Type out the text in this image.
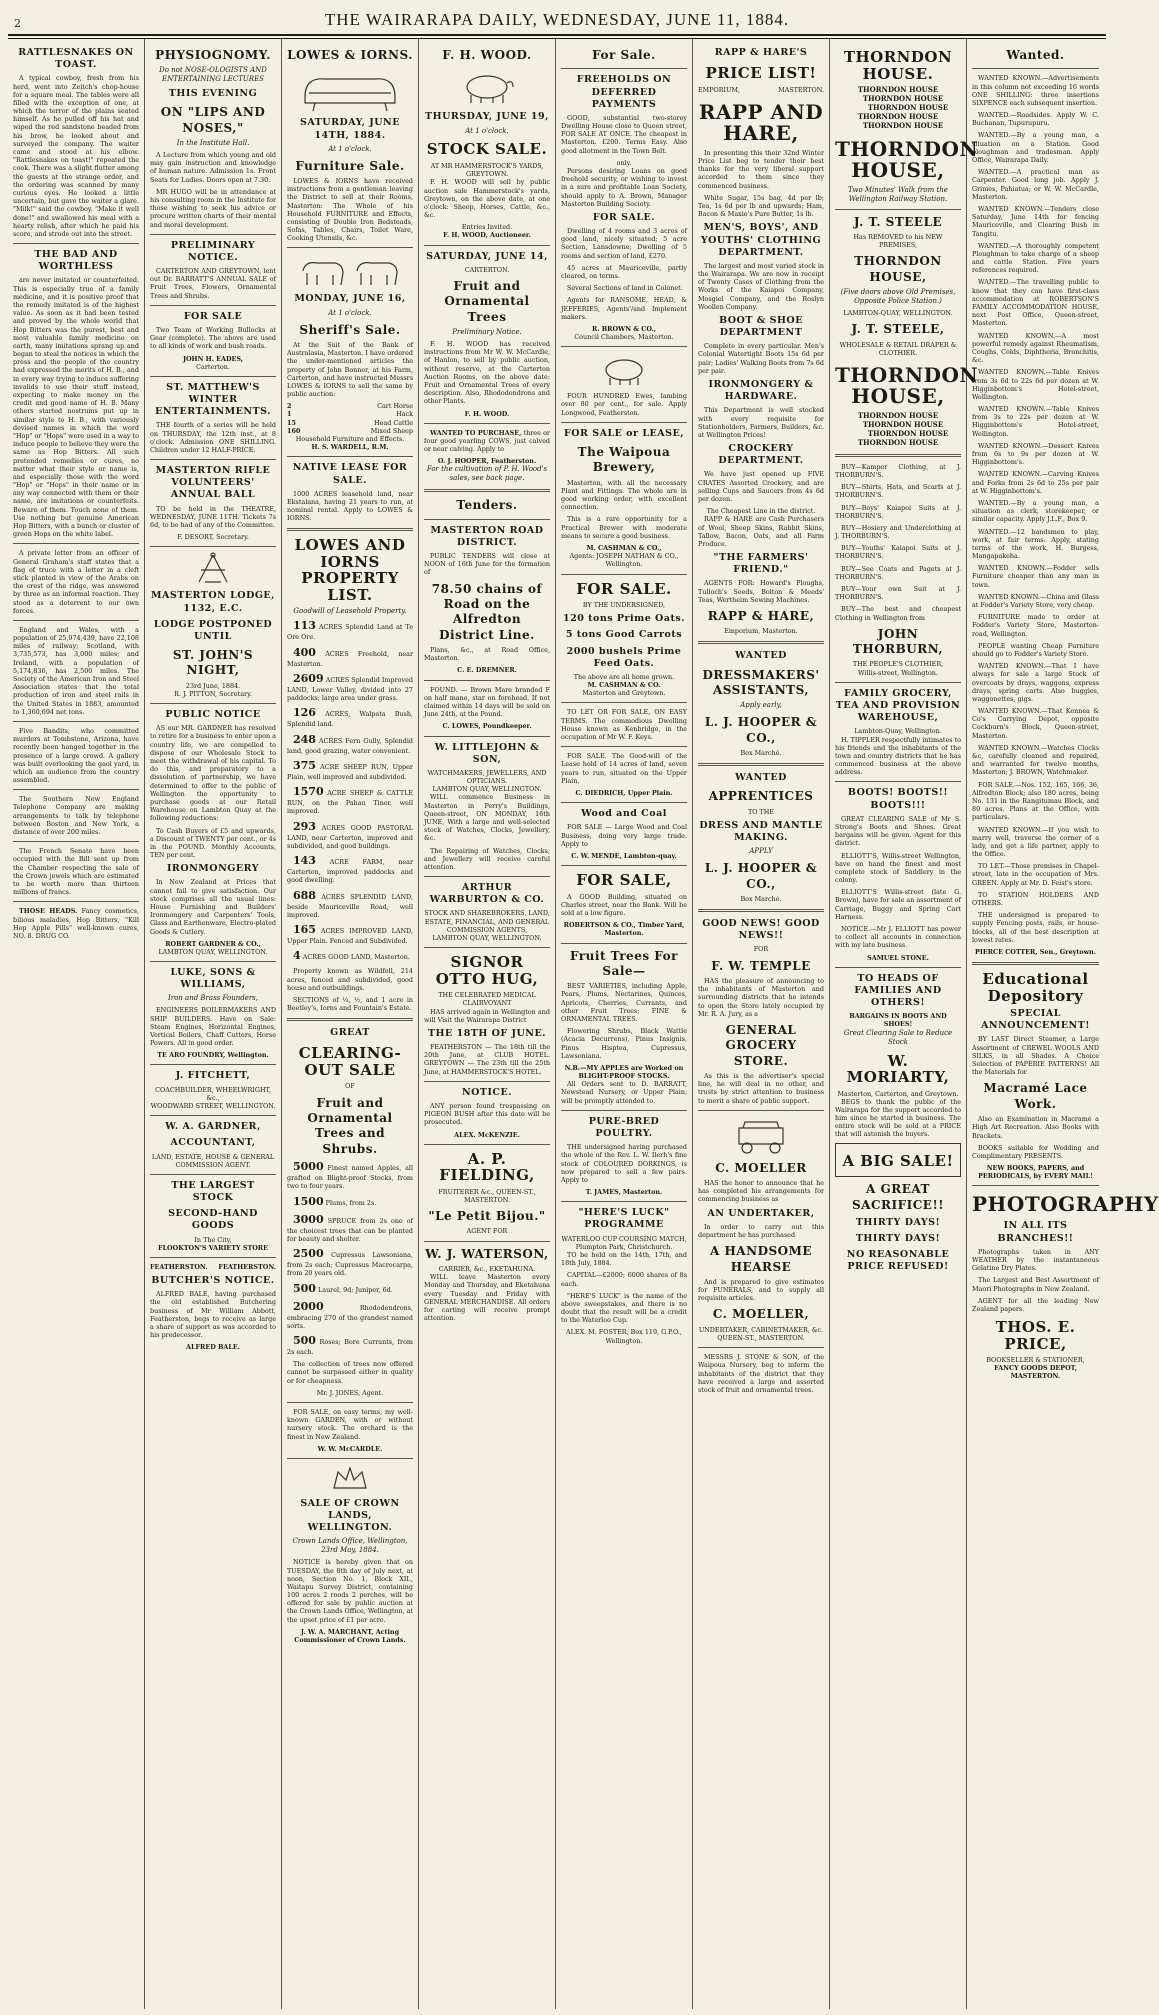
2	THE WAIRARAPA DAILY, WEDNESDAY, JUNE 11, 1884.
RATTLESNAKES ON TOAST.

A typical cowboy, fresh from his herd, went into Zeitch's chop-house for a square meal. The tables were all filled with the exception of one, at which the terror of the plains seated himself. As he pulled off his hat and wiped the red sandstone beaded from his brow, he looked about and surveyed the company. The waiter came and stood at his elbow. "Rattlesnakes on toast!" repeated the cook. There was a slight flutter among the guests at the strange order, and the ordering was scanned by many curious eyes. He looked a little uncertain, but gave the waiter a glare. "Milk!" said the cowboy. "Make it well done!" and swallowed his meal with a hearty relish, after which he paid his score, and strode out into the street.

THE BAD AND WORTHLESS

are never imitated or counterfeited. This is especially true of a family medicine, and it is positive proof that the remedy imitated is of the highest value. As soon as it had been tested and proved by the whole world that Hop Bitters was the purest, best and most valuable family medicine on earth, many imitations sprang up and began to steal the notices in which the press and the people of the country had expressed the merits of H. B., and in every way trying to induce suffering invalids to use their stuff instead, expecting to make money on the credit and good name of H. B. Many others started nostrums put up in similar style to H. B., with variously devised names in which the word "Hop" or "Hops" were used in a way to induce people to believe they were the same as Hop Bitters. All such pretended remedies or cures, no matter what their style or name is, and especially those with the word "Hop" or "Hops" in their name or in any way connected with them or their name, are imitations or counterfeits. Beware of them. Touch none of them. Use nothing but genuine American Hop Bitters, with a bunch or cluster of green Hops on the white label.

A private letter from an officer of General Graham's staff states that a flag of truce with a letter in a cleft stick planted in view of the Arabs on the crest of the ridge, was answered by three as an informal reaction. They stood as a deterrent to our own forces.

England and Wales, with a population of 25,974,439, have 22,108 miles of railway; Scotland, with 3,735,573, has 3,000 miles; and Ireland, with a population of 5,174,836, has 2,500 miles. The Society of the American Iron and Steel Association states that the total production of iron and steel rails in the United States in 1883, amounted to 1,360,694 net tons.

Five Bandits, who committed murders at Tombstone, Arizona, have recently been hanged together in the presence of a large crowd. A gallery was built overlooking the gaol yard, in which an audience from the country assembled.

The Southern New England Telephone Company are making arrangements to talk by telephone between Boston and New York, a distance of over 200 miles.

The French Senate have been occupied with the Bill sent up from the Chamber respecting the sale of the Crown jewels which are estimated to be worth more than thirteen millions of francs.

THOSE HEADS. Fancy cosmetics, bilious maladies, Hop Bitters, "Kill Hop Apple Pills" well-known cures, NO. 8. DRUG CO.

PHYSIOGNOMY.
Do not NOSE-OLOGISTS AND ENTERTAINING LECTURES
THIS EVENING
ON "LIPS AND NOSES,"
In the Institute Hall.

A Lecture from which young and old may gain instruction and knowledge of human nature. Admission 1s. Front Seats for Ladies. Doors open at 7.30.

MR HUGO will be in attendance at his consulting room in the Institute for those wishing to seek his advice or procure written charts of their mental and moral development.

PRELIMINARY NOTICE.

CARTERTON AND GREYTOWN, lent out Dr. BARRATT'S ANNUAL SALE of Fruit Trees, Flowers, Ornamental Trees and Shrubs.

FOR SALE

Two Team of Working Bullocks at Gear (complete). The above are used to all kinds of work and bush roads.

JOHN H. EADES,
Carterton.
ST. MATTHEW'S WINTER ENTERTAINMENTS.

THE fourth of a series will be held on THURSDAY, the 12th inst., at 8 o'clock. Admission ONE SHILLING. Children under 12 HALF-PRICE.

MASTERTON RIFLE VOLUNTEERS' ANNUAL BALL

TO be held in the THEATRE, WEDNESDAY, JUNE 11TH. Tickets 7s 6d, to be had of any of the Committee.

F. DESORT, Secretary.
MASTERTON LODGE, 1132, E.C.
LODGE POSTPONED UNTIL
ST. JOHN'S NIGHT,
23rd June, 1884.
R. J. PITTON, Secretary.
PUBLIC NOTICE

AS our MR. GARDNER has resolved to retire for a business to enter upon a country life, we are compelled to dispose of our Wholesale Stock to meet the withdrawal of his capital. To do this, and preparatory to a dissolution of partnership, we have determined to offer to the public of Wellington the opportunity to purchase goods at our Retail Warehouse on Lambton Quay at the following reductions:

To Cash Buyers of £5 and upwards, a Discount of TWENTY per cent., or 4s in the POUND. Monthly Accounts, TEN per cent.

IRONMONGERY

In New Zealand at Prices that cannot fail to give satisfaction. Our stock comprises all the usual lines: House Furnishing and Builders' Ironmongery and Carpenters' Tools, Glass and Earthenware, Electro-plated Goods & Cutlery.

ROBERT GARDNER & CO.,
LAMBTON QUAY, WELLINGTON.
LUKE, SONS & WILLIAMS,
Iron and Brass Founders,

ENGINEERS BOILERMAKERS AND SHIP BUILDERS. Have on Sale: Steam Engines, Horizontal Engines, Vertical Boilers, Chaff Cutters, Horse Powers. All in good order.

TE ARO FOUNDRY, Wellington.
J. FITCHETT,
COACHBUILDER, WHEELWRIGHT, &c.,
WOODWARD STREET, WELLINGTON.
W. A. GARDNER,
ACCOUNTANT,
LAND, ESTATE, HOUSE & GENERAL COMMISSION AGENT.
THE LARGEST STOCK
SECOND-HAND GOODS
In The City,
FLOOKTON'S VARIETY STORE
FEATHERSTON. FEATHERSTON.
BUTCHER'S NOTICE.

ALFRED BALE, having purchased the old established Butchering business of Mr William Abbott, Featherston, begs to receive as large a share of support as was accorded to his predecessor.

ALFRED BALE.
LOWES & IORNS.
SATURDAY, JUNE 14TH, 1884.
At 1 o'clock.
Furniture Sale.

LOWES & IORNS have received instructions from a gentleman leaving the District to sell at their Rooms, Masterton: The Whole of his Household FURNITURE and Effects, consisting of Double Iron Bedsteads, Sofas, Tables, Chairs, Toilet Ware, Cooking Utensils, &c.

MONDAY, JUNE 16,
At 1 o'clock.
Sheriff's Sale.

At the Suit of the Bank of Australasia, Masterton. I have ordered the under-mentioned articles the property of John Bonner, at his Farm, Carterton, and have instructed Messrs LOWES & IORNS to sell the same by public auction:

2	Cart Horse
1	Hack
15	Head Cattle
160	Mixed Sheep
Household Furniture and Effects.
H. S. WARDELL, R.M.
NATIVE LEASE FOR SALE.

1000 ACRES leasehold land, near Ekstalana, having 21 years to run, at nominal rental. Apply to LOWES & IORNS.

LOWES AND IORNS PROPERTY LIST.
Goodwill of Leasehold Property.

113 ACRES Splendid Land at Te Ore Ore.

400 ACRES Freehold, near Masterton.

2609 ACRES Splendid Improved LAND, Lower Valley, divided into 27 paddocks; large area under grass.

126 ACRES, Walpata Bush, Splendid land.

248 ACRES Fern Gully, Splendid land, good grazing, water convenient.

375 ACRE SHEEP RUN, Upper Plain, well improved and subdivided.

1570 ACRE SHEEP & CATTLE RUN, on the Pahau Tiner, well improved.

293 ACRES GOOD PASTORAL LAND, near Carterton, improved and subdivided, and good buildings.

143 ACRE FARM, near Carterton, improved paddocks and good dwelling.

688 ACRES SPLENDID LAND, beside Mauriceville Road, well improved.

165 ACRES IMPROVED LAND, Upper Plain. Fenced and Subdivided.

4 ACRES GOOD LAND, Masterton.

Property known as Wildfell, 214 acres, fenced and subdivided, good house and outbuildings.

SECTIONS of ¼, ½, and 1 acre in Beetley's, Iorns and Fountain's Estate.

GREAT
CLEARING-OUT SALE
OF
Fruit and Ornamental Trees and Shrubs.

5000 Finest named Apples, all grafted on Blight-proof Stocks, from two to four years.

1500 Plums, from 2s.

3000 SPRUCE from 2s one of the choicest trees that can be planted for beauty and shelter.

2500 Cupressus Lawsoniana, from 2s each; Cupressus Macrocarpa, from 20 years old.

500 Laurel, 9d; Juniper, 6d.

2000	Rhododendrons, embracing 270 of the grandest named sorts.

500 Roses; Bore Currants, from 2s each.

The collection of trees now offered cannot be surpassed either in quality or for cheapness.

Mr. J. JONES, Agent.

FOR SALE, on easy terms, my well-known GARDEN, with or without nursery stock. The orchard is the finest in New Zealand.

W. W. McCARDLE.
SALE OF CROWN LANDS, WELLINGTON.
Crown Lands Office, Wellington, 23rd May, 1884.

NOTICE is hereby given that on TUESDAY, the 8th day of July next, at noon, Section No. 1, Block XII., Waitapu Survey District, containing 100 acres 2 roods 2 perches, will be offered for sale by public auction at the Crown Lands Office, Wellington, at the upset price of £1 per acre.

J. W. A. MARCHANT, Acting Commissioner of Crown Lands.
F. H. WOOD.
THURSDAY, JUNE 19,
At 1 o'clock.
STOCK SALE.
AT MR HAMMERSTOCK'S YARDS, GREYTOWN.

F. H. WOOD will sell by public auction sale Hammerstock's yards, Greytown, on the above date, at one o'clock: Sheep, Horses, Cattle, &c., &c.

Entries Invited.
F. H. WOOD, Auctioneer.
SATURDAY, JUNE 14,
CARTERTON.
Fruit and Ornamental Trees
Preliminary Notice.

F. H. WOOD has received instructions from Mr W. W. McCardle, of Hanlon, to sell by public auction, without reserve, at the Carterton Auction Rooms, on the above date: Fruit and Ornamental Trees of every description. Also, Rhododendrons and other Plants.

F. H. WOOD.

WANTED TO PURCHASE, three or four good yearling COWS, just calved or near calving. Apply to

O. J. HOOPER, Featherston.
For the cultivation of P. H. Wood's sales, see back page.
Tenders.
MASTERTON ROAD DISTRICT.

PUBLIC TENDERS will close at NOON of 16th June for the formation of

78.50 chains of Road on the Alfredton District Line.

Plans, &c., at Road Office, Masterton.

C. E. DREMNER.

FOUND. — Brown Mare branded F on half mane, star on forehead. If not claimed within 14 days will be sold on June 24th, at the Pound.

C. LOWES, Poundkeeper.
W. LITTLEJOHN & SON,
WATCHMAKERS, JEWELLERS, AND OPTICIANS.
LAMBTON QUAY, WELLINGTON.

WILL commence Business in Masterton in Perry's Buildings, Queen-street, ON MONDAY, 16th JUNE, With a large and well-selected stock of Watches, Clocks, Jewellery, &c.

The Repairing of Watches, Clocks, and Jewellery will receive careful attention.

ARTHUR WARBURTON & CO.
STOCK AND SHAREBROKERS, LAND, ESTATE, FINANCIAL, AND GENERAL COMMISSION AGENTS,
LAMBTON QUAY, WELLINGTON.
SIGNOR OTTO HUG,
THE CELEBRATED MEDICAL CLAIRVOYANT

HAS arrived again in Wellington and will Visit the Wairarapa District

THE 18TH OF JUNE.

FEATHERSTON — The 18th till the 20th June, at CLUB HOTEL. GREYTOWN — The 23th till the 25th June, at HAMMERSTOCK'S HOTEL.

NOTICE.

ANY person found trespassing on PIGEON BUSH after this date will be prosecuted.

ALEX. McKENZIE.
A. P. FIELDING,
FRUITERER &c., QUEEN-ST., MASTERTON.
"Le Petit Bijou."
AGENT FOR
W. J. WATERSON,
CARRIER, &c., EKETAHUNA.

WILL leave Masterton every Monday and Thursday, and Eketahuna every Tuesday and Friday with GENERAL MERCHANDISE. All orders for carting will receive prompt attention.

For Sale.
FREEHOLDS ON DEFERRED PAYMENTS

GOOD, substantial two-storey Dwelling House close to Queen street, FOR SALE AT ONCE. The cheapest in Masterton. £200. Terms Easy. Also good allotment in the Town Belt.

only.

Persons desiring Loans on good freehold security, or wishing to invest in a sure and profitable Loan Society, should apply to A. Brown, Manager Masterton Building Society.

FOR SALE.

Dwelling of 4 rooms and 3 acres of good land, nicely situated; 5 acre Section, Lansdowne; Dwelling of 5 rooms and section of land, £270.

45 acres at Mauriceville, partly cleared, on terms.

Several Sections of land in Colonet.

Agents for RANSOME, HEAD, & JEFFERIES, Agents'/and Implement makers.

R. BROWN & CO.,
Council Chambers, Masterton.

FOUR HUNDRED Ewes, lambing over 80 per cent., for sale. Apply Longwood, Featherston.

FOR SALE or LEASE,
The Waipoua Brewery,

Masterton, with all the necessary Plant and Fittings. The whole are in good working order, with excellent connection.

This is a rare opportunity for a Practical Brewer with moderate means to secure a good business.

M. CASHMAN & CO.,
Agents: JOSEPH NATHAN & CO., Wellington.
FOR SALE.
BY THE UNDERSIGNED,
120 tons Prime Oats.
5 tons Good Carrots
2000 bushels Prime Feed Oats.
The above are all home grown.
M. CASHMAN & CO.
Masterton and Greytown.

TO LET OR FOR SALE, ON EASY TERMS. The commodious Dwelling House known as Kenbridge, in the occupation of Mr W. F. Keys.

FOR SALE. The Good-will of the Lease hold of 14 acres of land, seven years to run, situated on the Upper Plain.

C. DIEDRICH, Upper Plain.
Wood and Coal

FOR SALE — Large Wood and Coal Business, doing very large trade. Apply to

C. W. MENDE, Lambton-quay.
FOR SALE,

A GOOD Building, situated on Charles street, near the Bank. Will be sold at a low figure.

ROBERTSON & CO., Timber Yard, Masterton.
Fruit Trees For Sale—

BEST VARIETIES, including Apple, Pears, Plums, Nectarines, Quinces, Apricots, Cherries, Currants, and other Fruit Trees; FINE & ORNAMENTAL TREES.

Flowering Shrubs, Black Wattle (Acacia Decurrens), Pinus Insignis, Pinus Hisptea, Cupressus, Lawsoniana.

N.B.—MY APPLES are Worked on BLIGHT-PROOF STOCKS.

All Orders sent to D. BARRATT, Newstead Nursery, or Upper Plain, will be promptly attended to.

PURE-BRED POULTRY.

THE undersigned having purchased the whole of the Rev. L. W. Ilerh's fine stock of COLOURED DORKINGS, is now prepared to sell a few pairs. Apply to

T. JAMES, Masterton.
"HERE'S LUCK" PROGRAMME
WATERLOO CUP COURSING MATCH, Plumpton Park, Christchurch.

TO be held on the 14th, 17th, and 18th July, 1884.

CAPITAL—£2000; 6000 shares of 8s each.

"HERE'S LUCK" is the name of the above sweepstakes, and there is no doubt that the result will be a credit to the Waterloo Cup.

ALEX. M. FOSTER, Box 119, G.P.O., Wellington.
RAPP & HARE'S
PRICE LIST!
EMPORIUM,	MASTERTON.
RAPP AND HARE,

In presenting this their 32nd Winter Price List beg to tender their best thanks for the very liberal support accorded to them since they commenced business.

White Sugar, 15s bag, 4d per lb; Tea, 1s 6d per lb and upwards; Ham, Bacon & Maxie's Pure Butter, 1s lb.

MEN'S, BOYS', AND YOUTHS' CLOTHING DEPARTMENT.

The largest and most varied stock in the Wairarapa. We are now in receipt of Twenty Cases of Clothing from the Works of the Kaiapoi Company, Mosgiel Company, and the Roslyn Woollen Company.

BOOT & SHOE DEPARTMENT

Complete in every particular. Men's Colonial Watertight Boots 15s 6d per pair; Ladies' Walking Boots from 7s 6d per pair.

IRONMONGERY & HARDWARE.

This Department is well stocked with every requisite for Stationholders, Farmers, Builders, &c. at Wellington Prices!

CROCKERY DEPARTMENT.

We have just opened up FIVE CRATES Assorted Crockery, and are selling Cups and Saucers from 4s 6d per dozen.

The Cheapest Line in the district.

RAPP & HARE are Cash Purchasers of Wool, Sheep Skins, Rabbit Skins, Tallow, Bacon, Oats, and all Farm Produce.

"THE FARMERS' FRIEND."

AGENTS FOR: Howard's Ploughs, Tulloch's Seeds, Bolton & Meeds' Teas, Wertheim Sewing Machines.

RAPP & HARE,
Emporium, Masterton.
WANTED
DRESSMAKERS' ASSISTANTS,
Apply early,
L. J. HOOPER & CO.,
Box Marché.
WANTED
APPRENTICES
TO THE
DRESS AND MANTLE MAKING.
APPLY
L. J. HOOPER & CO.,
Box Marché.
GOOD NEWS! GOOD NEWS!!
FOR
F. W. TEMPLE

HAS the pleasure of announcing to the inhabitants of Masterton and surrounding districts that he intends to open the Store lately occupied by Mr. R. A. Jury, as a

GENERAL GROCERY STORE.

As this is the advertiser's special line, he will deal in no other, and trusts by strict attention to business to merit a share of public support.

C. MOELLER

HAS the honor to announce that he has completed his arrangements for commencing business as

AN UNDERTAKER,

In order to carry out this department he has purchased

A HANDSOME HEARSE

And is prepared to give estimates for FUNERALS, and to supply all requisite articles.

C. MOELLER,
UNDERTAKER, CABINETMAKER, &c.
QUEEN-ST., MASTERTON.

MESSRS J. STONE & SON, of the Waipoua Nursery, beg to inform the inhabitants of the district that they have received a large and assorted stock of fruit and ornamental trees.

THORNDON HOUSE.
THORNDON HOUSE
THORNDON HOUSE
THORNDON HOUSE
THORNDON HOUSE
THORNDON HOUSE
THORNDON HOUSE,
Two Minutes' Walk from the Wellington Railway Station.
J. T. STEELE
Has REMOVED to his NEW PREMISES,
THORNDON HOUSE,
(Five doors above Old Premises, Opposite Police Station.)
LAMBTON-QUAY, WELLINGTON.
J. T. STEELE,
WHOLESALE & RETAIL DRAPER & CLOTHIER.
THORNDON HOUSE,
THORNDON HOUSE
THORNDON HOUSE
THORNDON HOUSE
THORNDON HOUSE

BUY—Kamper Clothing, at J. THORBURN'S.

BUY—Shirts, Hats, and Scarfs at J. THORBURN'S.

BUY—Boys' Kaiapoi Suits at J. THORBURN'S.

BUY—Hosiery and Underclothing at J. THORBURN'S.

BUY—Youths' Kaiapoi Suits at J. THORBURN'S.

BUY—See Coats and Pagets at J. THORBURN'S.

BUY—Your own Suit at J. THORBURN'S.

BUY—The best and cheapest Clothing in Wellington from

JOHN THORBURN,
THE PEOPLE'S CLOTHIER,
Willis-street, Wellington.
FAMILY GROCERY, TEA AND PROVISION WAREHOUSE,
Lambton-Quay, Wellington.

H. TIPPLER respectfully intimates to his friends and the inhabitants of the town and country districts that he has commenced business at the above address.

BOOTS! BOOTS!! BOOTS!!!

GREAT CLEARING SALE of Mr S. Strong's Boots and Shoes. Great bargains will be given. Agent for this district.

ELLIOTT'S, Willis-street Wellington, have on hand the finest and most complete stock of Saddlery in the colony.

ELLIOTT'S Willis-street (late G. Brown), have for sale an assortment of Carriage, Buggy and Spring Cart Harness.

NOTICE.—Mr J. ELLIOTT has power to collect all accounts in connection with my late business.

SAMUEL STONE.
TO HEADS OF FAMILIES AND OTHERS!
BARGAINS IN BOOTS AND SHOES!
Great Clearing Sale to Reduce Stock
W. MORIARTY,
Masterton, Carterton, and Greytown.

BEGS to thank the public of the Wairarapa for the support accorded to him since he started in business. The entire stock will be sold at a PRICE that will astonish the buyers.

A BIG SALE!
A GREAT SACRIFICE!!
THIRTY DAYS!
THIRTY DAYS!
NO REASONABLE PRICE REFUSED!
Wanted.

WANTED KNOWN.—Advertisements in this column not exceeding 16 words ONE SHILLING: three insertions SIXPENCE each subsequent insertion.

WANTED.—Roadsides. Apply W. C. Buchanan, Tupurupuru.

WANTED.—By a young man, a situation on a Station. Good ploughman and tradesman. Apply Office, Wairarapa Daily.

WANTED.—A practical man as Carpenter. Good long job. Apply J. Grimes, Pahiatua; or W. W. McCardle, Masterton.

WANTED KNOWN.—Tenders close Saturday, June 14th for fencing Mauriceville, and Clearing Bush in Tangitu.

WANTED.—A thoroughly competent Ploughman to take charge of a sheep and cattle Station. Five years references required.

WANTED.—The travelling public to know that they can have first-class accommodation at ROBERTSON'S FAMILY ACCOMMODATION HOUSE, next Post Office, Queen-street, Masterton.

WANTED KNOWN.—A most powerful remedy against Rheumatism, Coughs, Colds, Diphtheria, Bronchitis, &c.

WANTED KNOWN.—Table Knives from 3s 6d to 22s 6d per dozen at W. Higginbottom's Hotel-street, Wellington.

WANTED KNOWN.—Table Knives from 3s to 22s per dozen at W. Higginbottom's Hotel-street, Wellington.

WANTED KNOWN.—Dessert Knives from 6s to 9s per dozen at W. Higginbottom's.

WANTED KNOWN.—Carving Knives and Forks from 2s 6d to 25s per pair at W. Higginbottom's.

WANTED.—By a young man, a situation as clerk, storekeeper, or similar capacity. Apply J.L.F., Box 9.

WANTED.—12 bandsmen to play, work, at fair terms. Apply, stating terms of the work, H. Burgess, Mangapakeha.

WANTED KNOWN.—Fodder sells Furniture cheaper than any man in town.

WANTED KNOWN.—China and Glass at Fodder's Variety Store, very cheap.

FURNITURE made to order at Fodder's Variety Store, Masterton-road, Wellington.

PEOPLE wanting Cheap Furniture should go to Fodder's Variety Store.

WANTED KNOWN.—That I have always for sale a large Stock of overcoats by drays, waggons, express drays, spring carts. Also buggies, waggonettes, gigs.

WANTED KNOWN.—That Kennea & Co's Carrying Depot, opposite Cockburn's Block, Queen-street, Masterton.

WANTED KNOWN.—Watches Clocks &c, carefully cleaned and repaired, and warranted for twelve months, Masterton; J. BROWN, Watchmaker.

FOR SALE.—Nos. 152, 165, 166, 36, Alfredton Block; also 180 acres, being No. 131 in the Rangitumau Block, and 80 acres. Plans at the Office, with particulars.

WANTED KNOWN.—If you wish to marry well, traverse the corner of a lady, and get a life partner, apply to the Office.

TO LET.—Those premises in Chapel-street, late in the occupation of Mrs. GREEN. Apply at Mr. D. Feist's store.

TO STATION HOLDERS AND OTHERS.

THE undersigned is prepared to supply Fencing posts, rails, or house-blocks, all of the best description at lowest rates.

PIERCE COTTER, Sen., Greytown.
Educational Depository
SPECIAL ANNOUNCEMENT!

BY LAST Direct Steamer, a Large Assortment of CREWEL WOOLS AND SILKS, in all Shades. A Choice Selection of PAPERIE PATTERNS! All the Materials for

Macramé Lace Work.

Also an Examination in Macramé a High Art Recreation. Also Books with Brackets.

BOOKS suitable for Wedding and Complimentary PRESENTS.

NEW BOOKS, PAPERS, and PERIODICALS, by EVERY MAIL!
PHOTOGRAPHY
IN ALL ITS BRANCHES!!

Photographs taken in ANY WEATHER by the instantaneous Gelatine Dry Plates.

The Largest and Best Assortment of Maori Photographs in New Zealand.

AGENT for all the leading New Zealand papers.

THOS. E. PRICE,
BOOKSELLER & STATIONER,
FANCY GOODS DEPOT, MASTERTON.
